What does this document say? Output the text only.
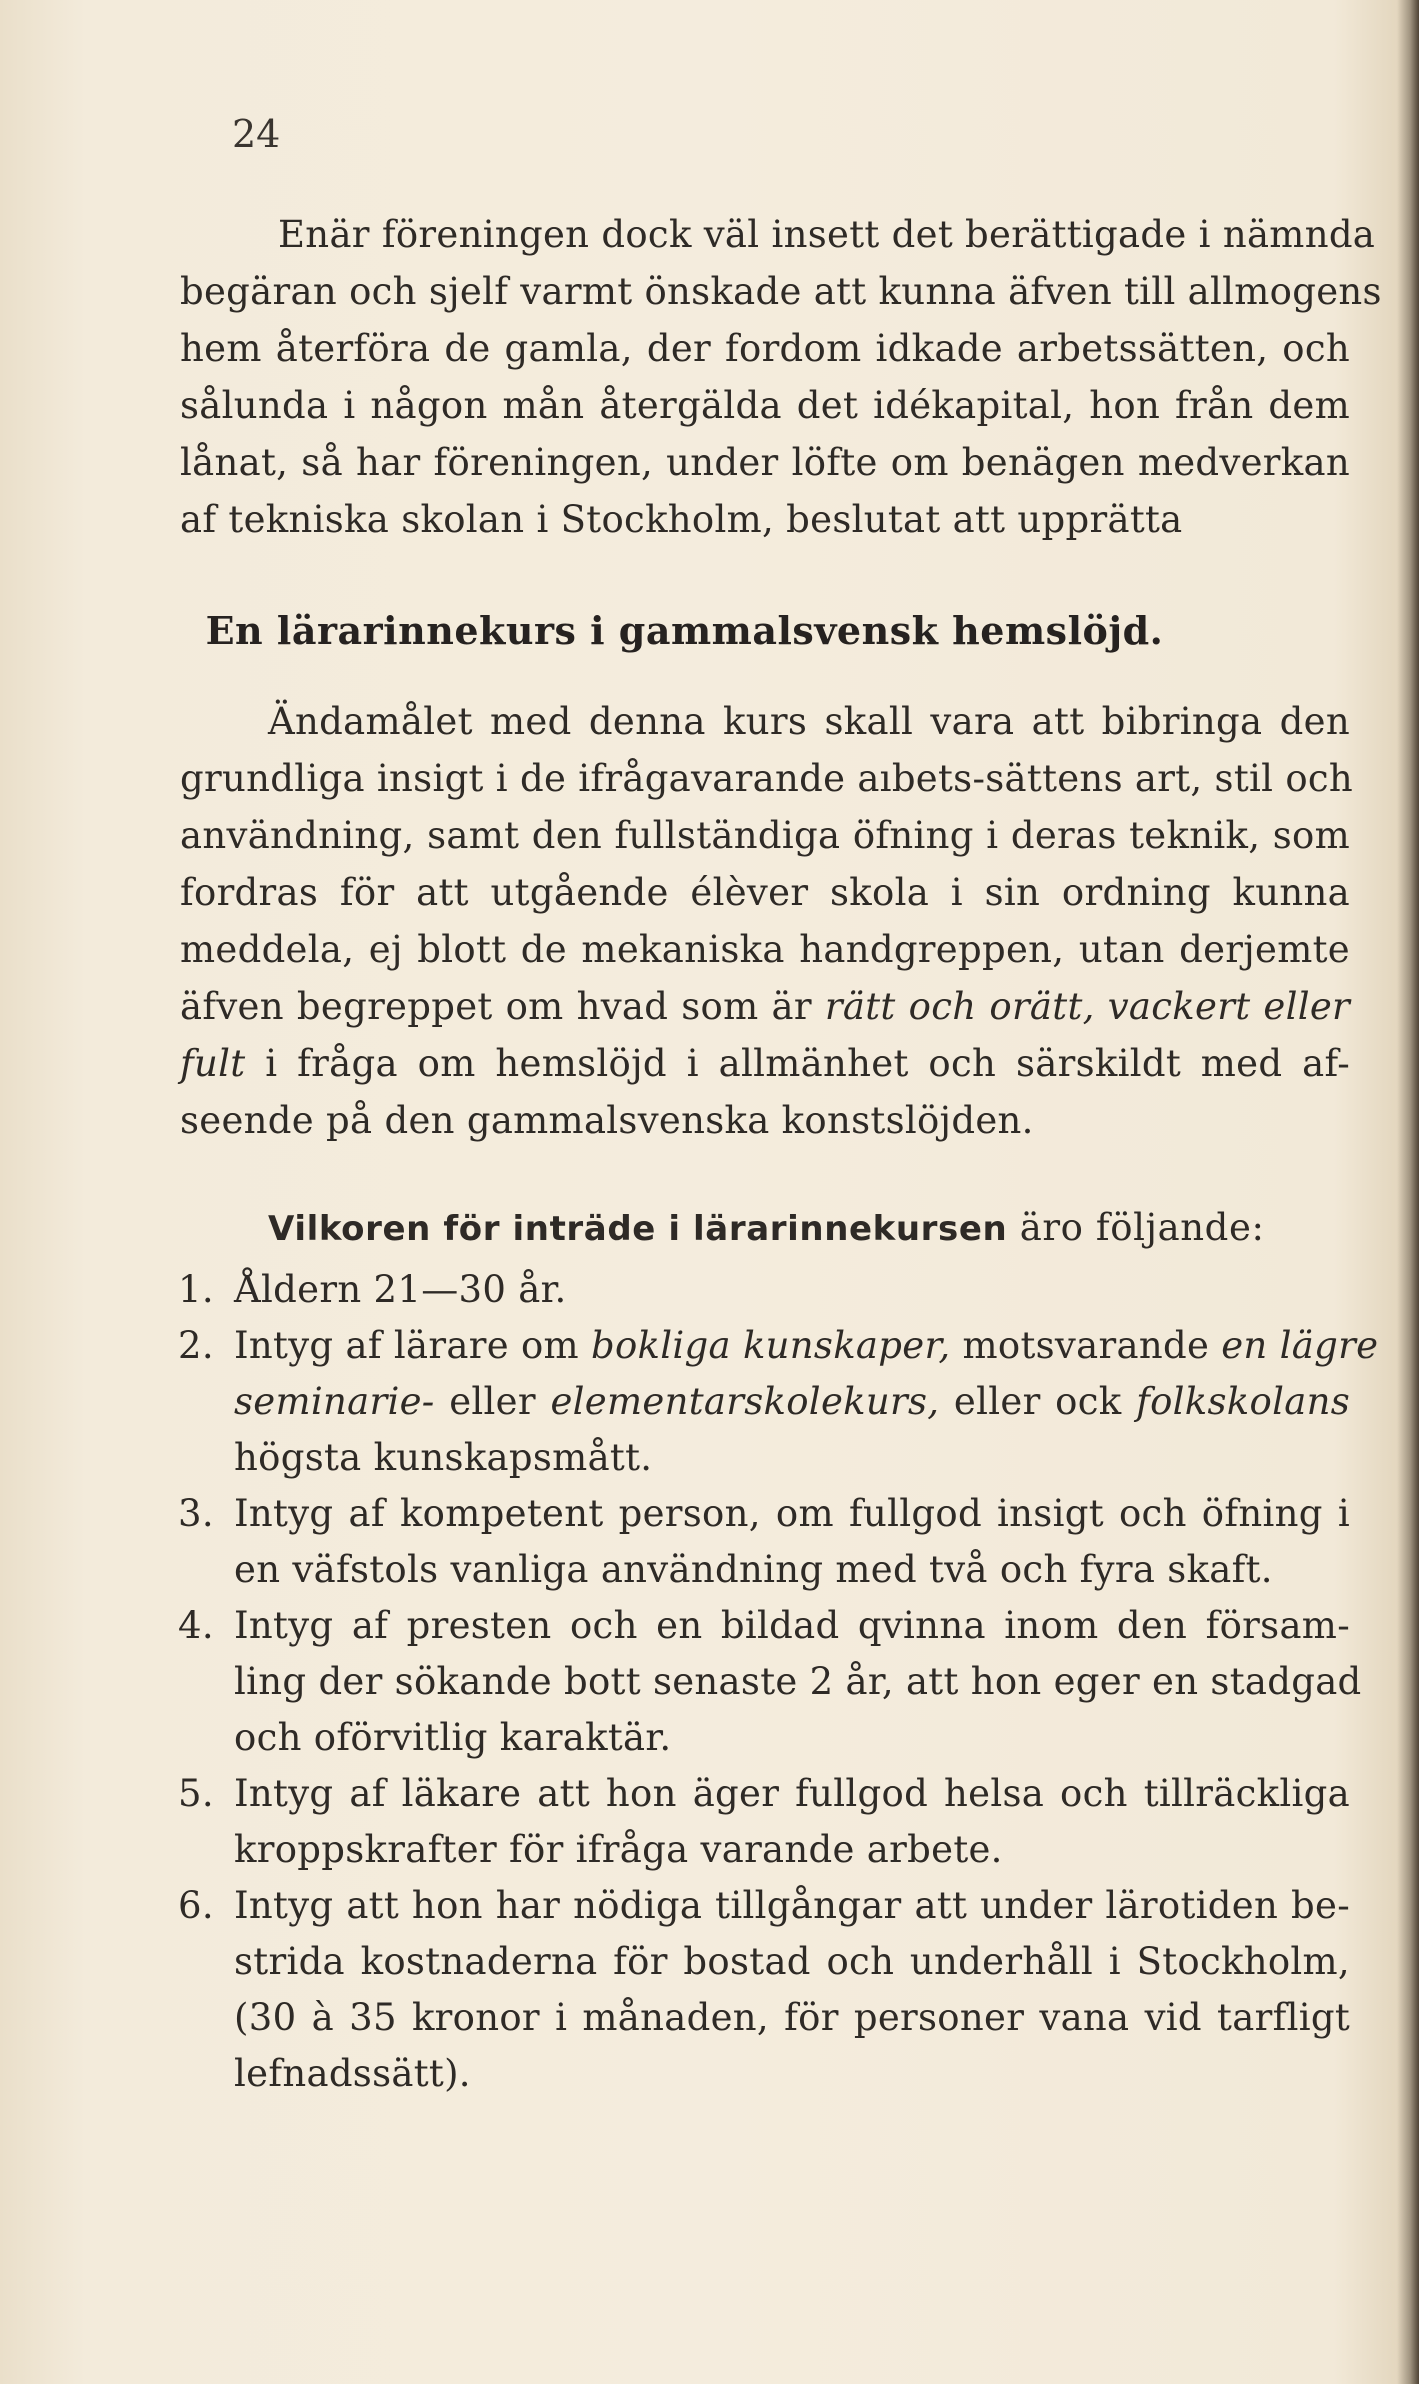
24
Enär föreningen dock väl insett det berättigade i nämnda
begäran och sjelf varmt önskade att kunna äfven till allmogens
hem återföra de gamla, der fordom idkade arbetssätten, och
sålunda i någon mån återgälda det idékapital, hon från dem
lånat, så har föreningen, under löfte om benägen medverkan
af tekniska skolan i Stockholm, beslutat att upprätta
En lärarinnekurs i gammalsvensk hemslöjd.
Ändamålet med denna kurs skall vara att bibringa den
grundliga insigt i de ifrågavarande aıbets-sättens art, stil och
användning, samt den fullständiga öfning i deras teknik, som
fordras för att utgående élèver skola i sin ordning kunna
meddela, ej blott de mekaniska handgreppen, utan derjemte
äfven begreppet om hvad som är rätt och orätt, vackert eller
fult i fråga om hemslöjd i allmänhet och särskildt med af-
seende på den gammalsvenska konstslöjden.
Vilkoren för inträde i lärarinnekursen äro följande:
1. Åldern 21—30 år.
2. Intyg af lärare om bokliga kunskaper, motsvarande en lägre
seminarie- eller elementarskolekurs, eller ock folkskolans
högsta kunskapsmått.
3. Intyg af kompetent person, om fullgod insigt och öfning i
en väfstols vanliga användning med två och fyra skaft.
4. Intyg af presten och en bildad qvinna inom den försam-
ling der sökande bott senaste 2 år, att hon eger en stadgad
och oförvitlig karaktär.
5. Intyg af läkare att hon äger fullgod helsa och tillräckliga
kroppskrafter för ifråga varande arbete.
6. Intyg att hon har nödiga tillgångar att under lärotiden be-
strida kostnaderna för bostad och underhåll i Stockholm,
(30 à 35 kronor i månaden, för personer vana vid tarfligt
lefnadssätt).
